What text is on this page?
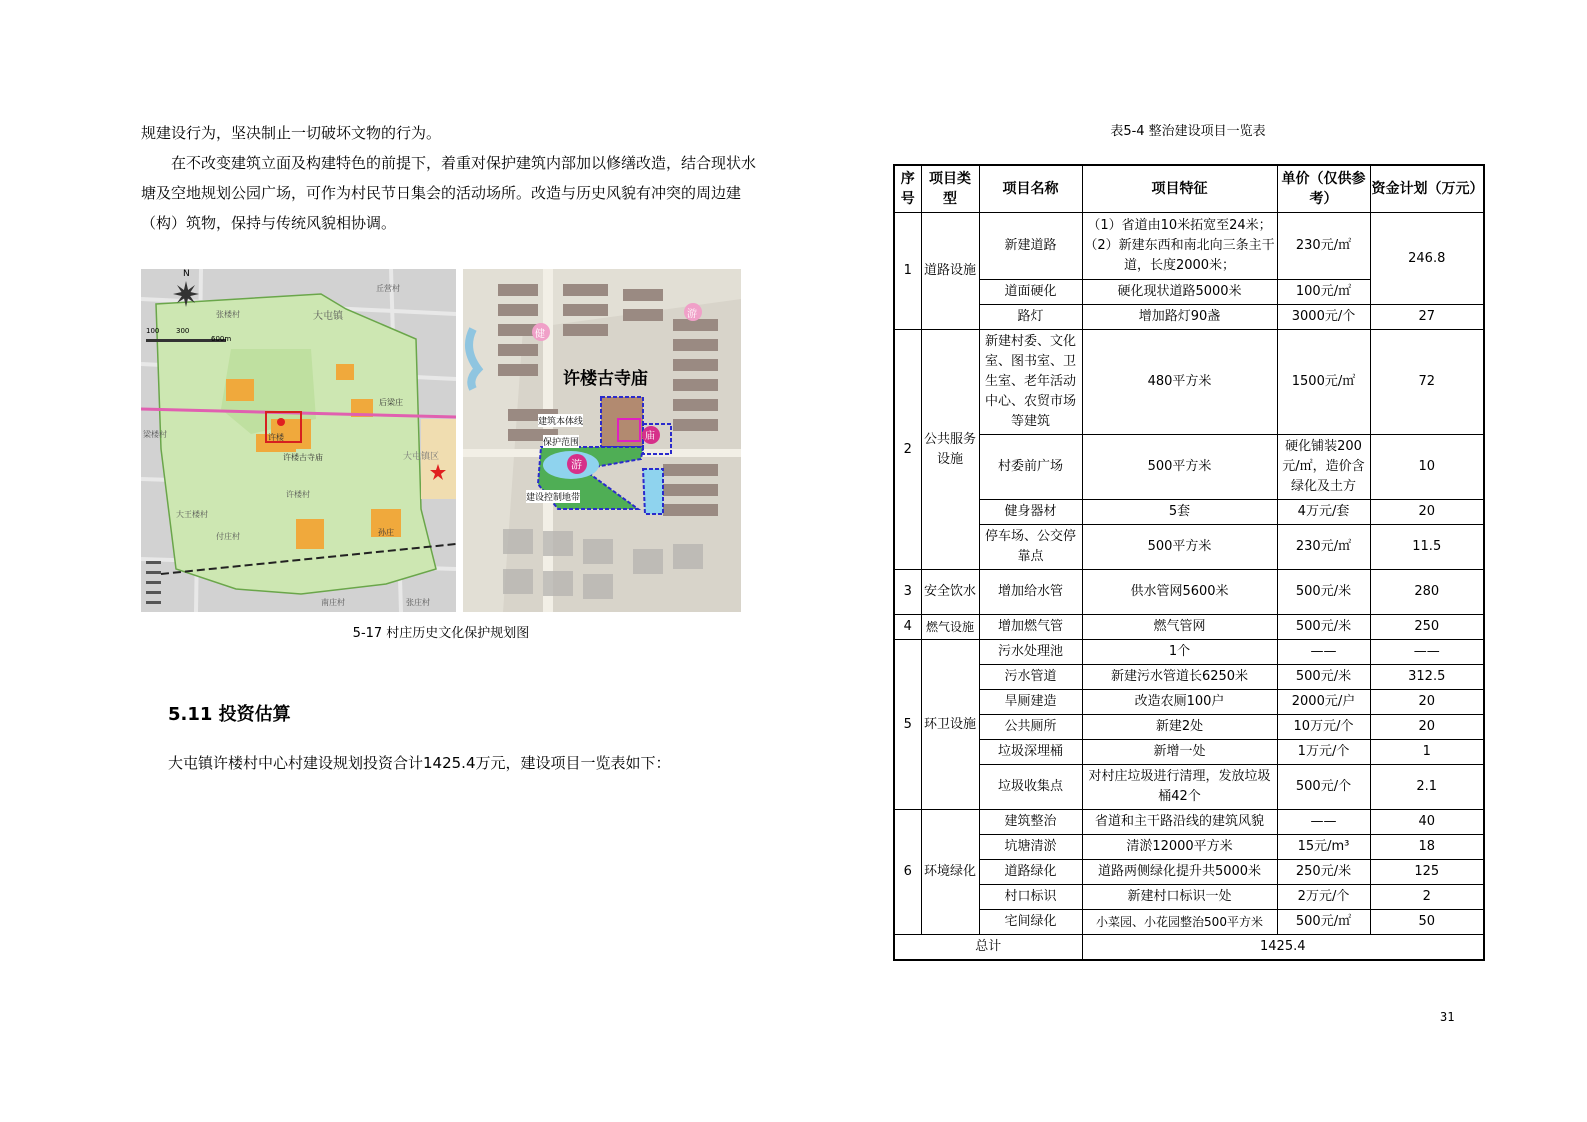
规建设行为，坚决制止一切破坏文物的行为。

在不改变建筑立面及构建特色的前提下，着重对保护建筑内部加以修缮改造，结合现状水塘及空地规划公园广场，可作为村民节日集会的活动场所。改造与历史风貌有冲突的周边建（构）筑物，保持与传统风貌相协调。

N
100 300
600m
丘营村
张楼村	大屯镇
后梁庄
许楼
许楼古寺庙	大屯镇区
许楼村
孙庄
付庄村
南庄村	张庄村
大王楼村
梁楼村
许楼古寺庙
建筑本体线
保护范围
建设控制地带
游
庙
健
游
5-17 村庄历史文化保护规划图
5.11 投资估算
大屯镇许楼村中心村建设规划投资合计1425.4万元，建设项目一览表如下：
表5-4 整治建设项目一览表
序号	项目类型	项目名称	项目特征	单价（仅供参考）	资金计划（万元）
1	道路设施	新建道路	（1）省道由10米拓宽至24米；（2）新建东西和南北向三条主干道，长度2000米；	230元/㎡	246.8
		道面硬化	硬化现状道路5000米	100元/㎡	
		路灯	增加路灯90盏	3000元/个	27
2	公共服务设施	新建村委、文化室、图书室、卫生室、老年活动中心、农贸市场等建筑	480平方米	1500元/㎡	72
		村委前广场	500平方米	硬化铺装200元/㎡，造价含绿化及土方	10
		健身器材	5套	4万元/套	20
		停车场、公交停靠点	500平方米	230元/㎡	11.5
3	安全饮水	增加给水管	供水管网5600米	500元/米	280
4	燃气设施	增加燃气管	燃气管网	500元/米	250
5	环卫设施	污水处理池	1个	——	——
		污水管道	新建污水管道长6250米	500元/米	312.5
		旱厕建造	改造农厕100户	2000元/户	20
		公共厕所	新建2处	10万元/个	20
		垃圾深埋桶	新增一处	1万元/个	1
		垃圾收集点	对村庄垃圾进行清理，发放垃圾桶42个	500元/个	2.1
6	环境绿化	建筑整治	省道和主干路沿线的建筑风貌	——	40
		坑塘清淤	清淤12000平方米	15元/m³	18
		道路绿化	道路两侧绿化提升共5000米	250元/米	125
		村口标识	新建村口标识一处	2万元/个	2
		宅间绿化	小菜园、小花园整治500平方米	500元/㎡	50
总计			1425.4		
31
